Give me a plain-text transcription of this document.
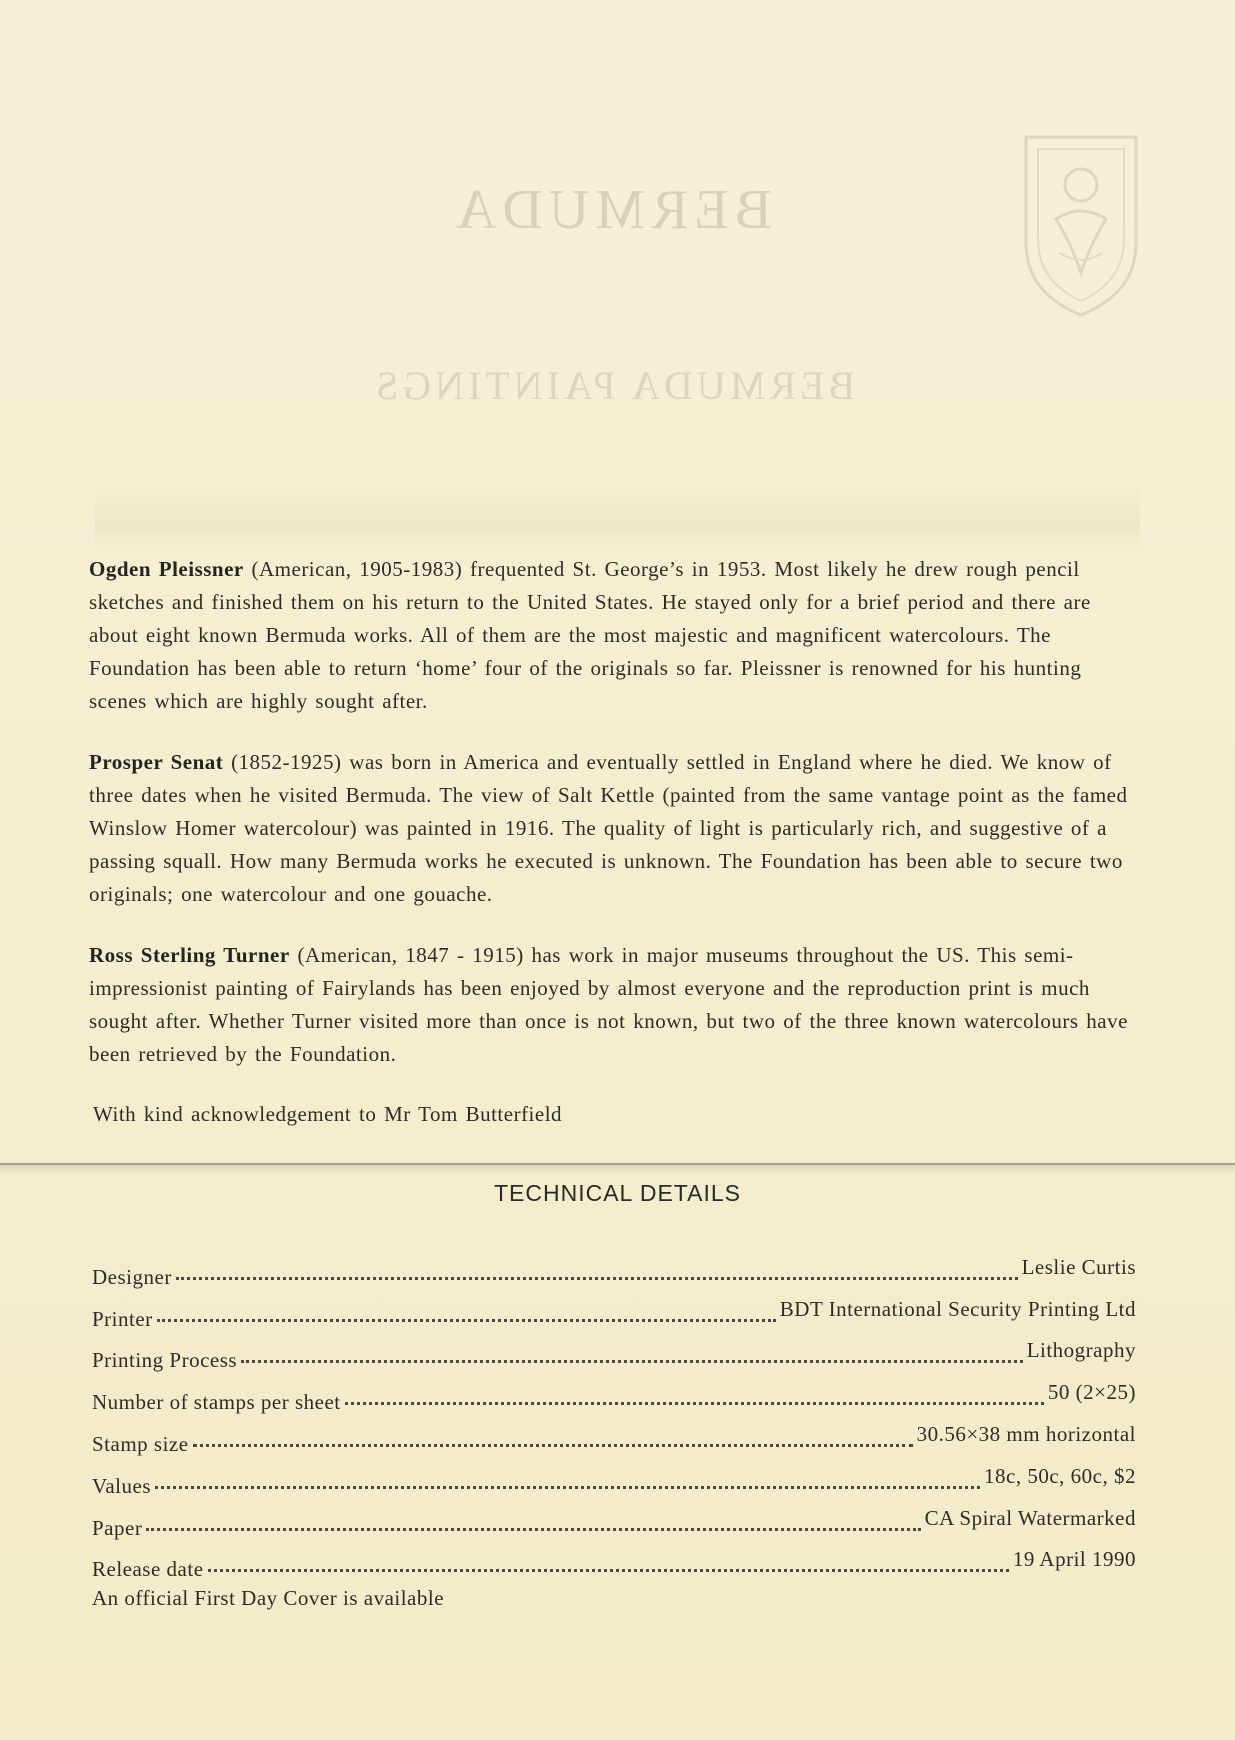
BERMUDA
BERMUDA PAINTINGS

Ogden Pleissner (American, 1905-1983) frequented St. George’s in 1953. Most likely he drew rough pencil sketches and finished them on his return to the United States. He stayed only for a brief period and there are about eight known Bermuda works. All of them are the most majestic and magnificent watercolours. The Foundation has been able to return ‘home’ four of the originals so far. Pleissner is renowned for his hunting scenes which are highly sought after.

Prosper Senat (1852-1925) was born in America and eventually settled in England where he died. We know of three dates when he visited Bermuda. The view of Salt Kettle (painted from the same vantage point as the famed Winslow Homer watercolour) was painted in 1916. The quality of light is particularly rich, and suggestive of a passing squall. How many Bermuda works he executed is unknown. The Foundation has been able to secure two originals; one watercolour and one gouache.

Ross Sterling Turner (American, 1847 - 1915) has work in major museums throughout the US. This semi-impressionist painting of Fairylands has been enjoyed by almost everyone and the reproduction print is much sought after. Whether Turner visited more than once is not known, but two of the three known watercolours have been retrieved by the Foundation.

With kind acknowledgement to Mr Tom Butterfield
TECHNICAL DETAILS
Designer	Leslie Curtis
Printer	BDT International Security Printing Ltd
Printing Process	Lithography
Number of stamps per sheet	50 (2×25)
Stamp size	30.56×38 mm horizontal
Values	18c, 50c, 60c, $2
Paper	CA Spiral Watermarked
Release date	19 April 1990
An official First Day Cover is available
